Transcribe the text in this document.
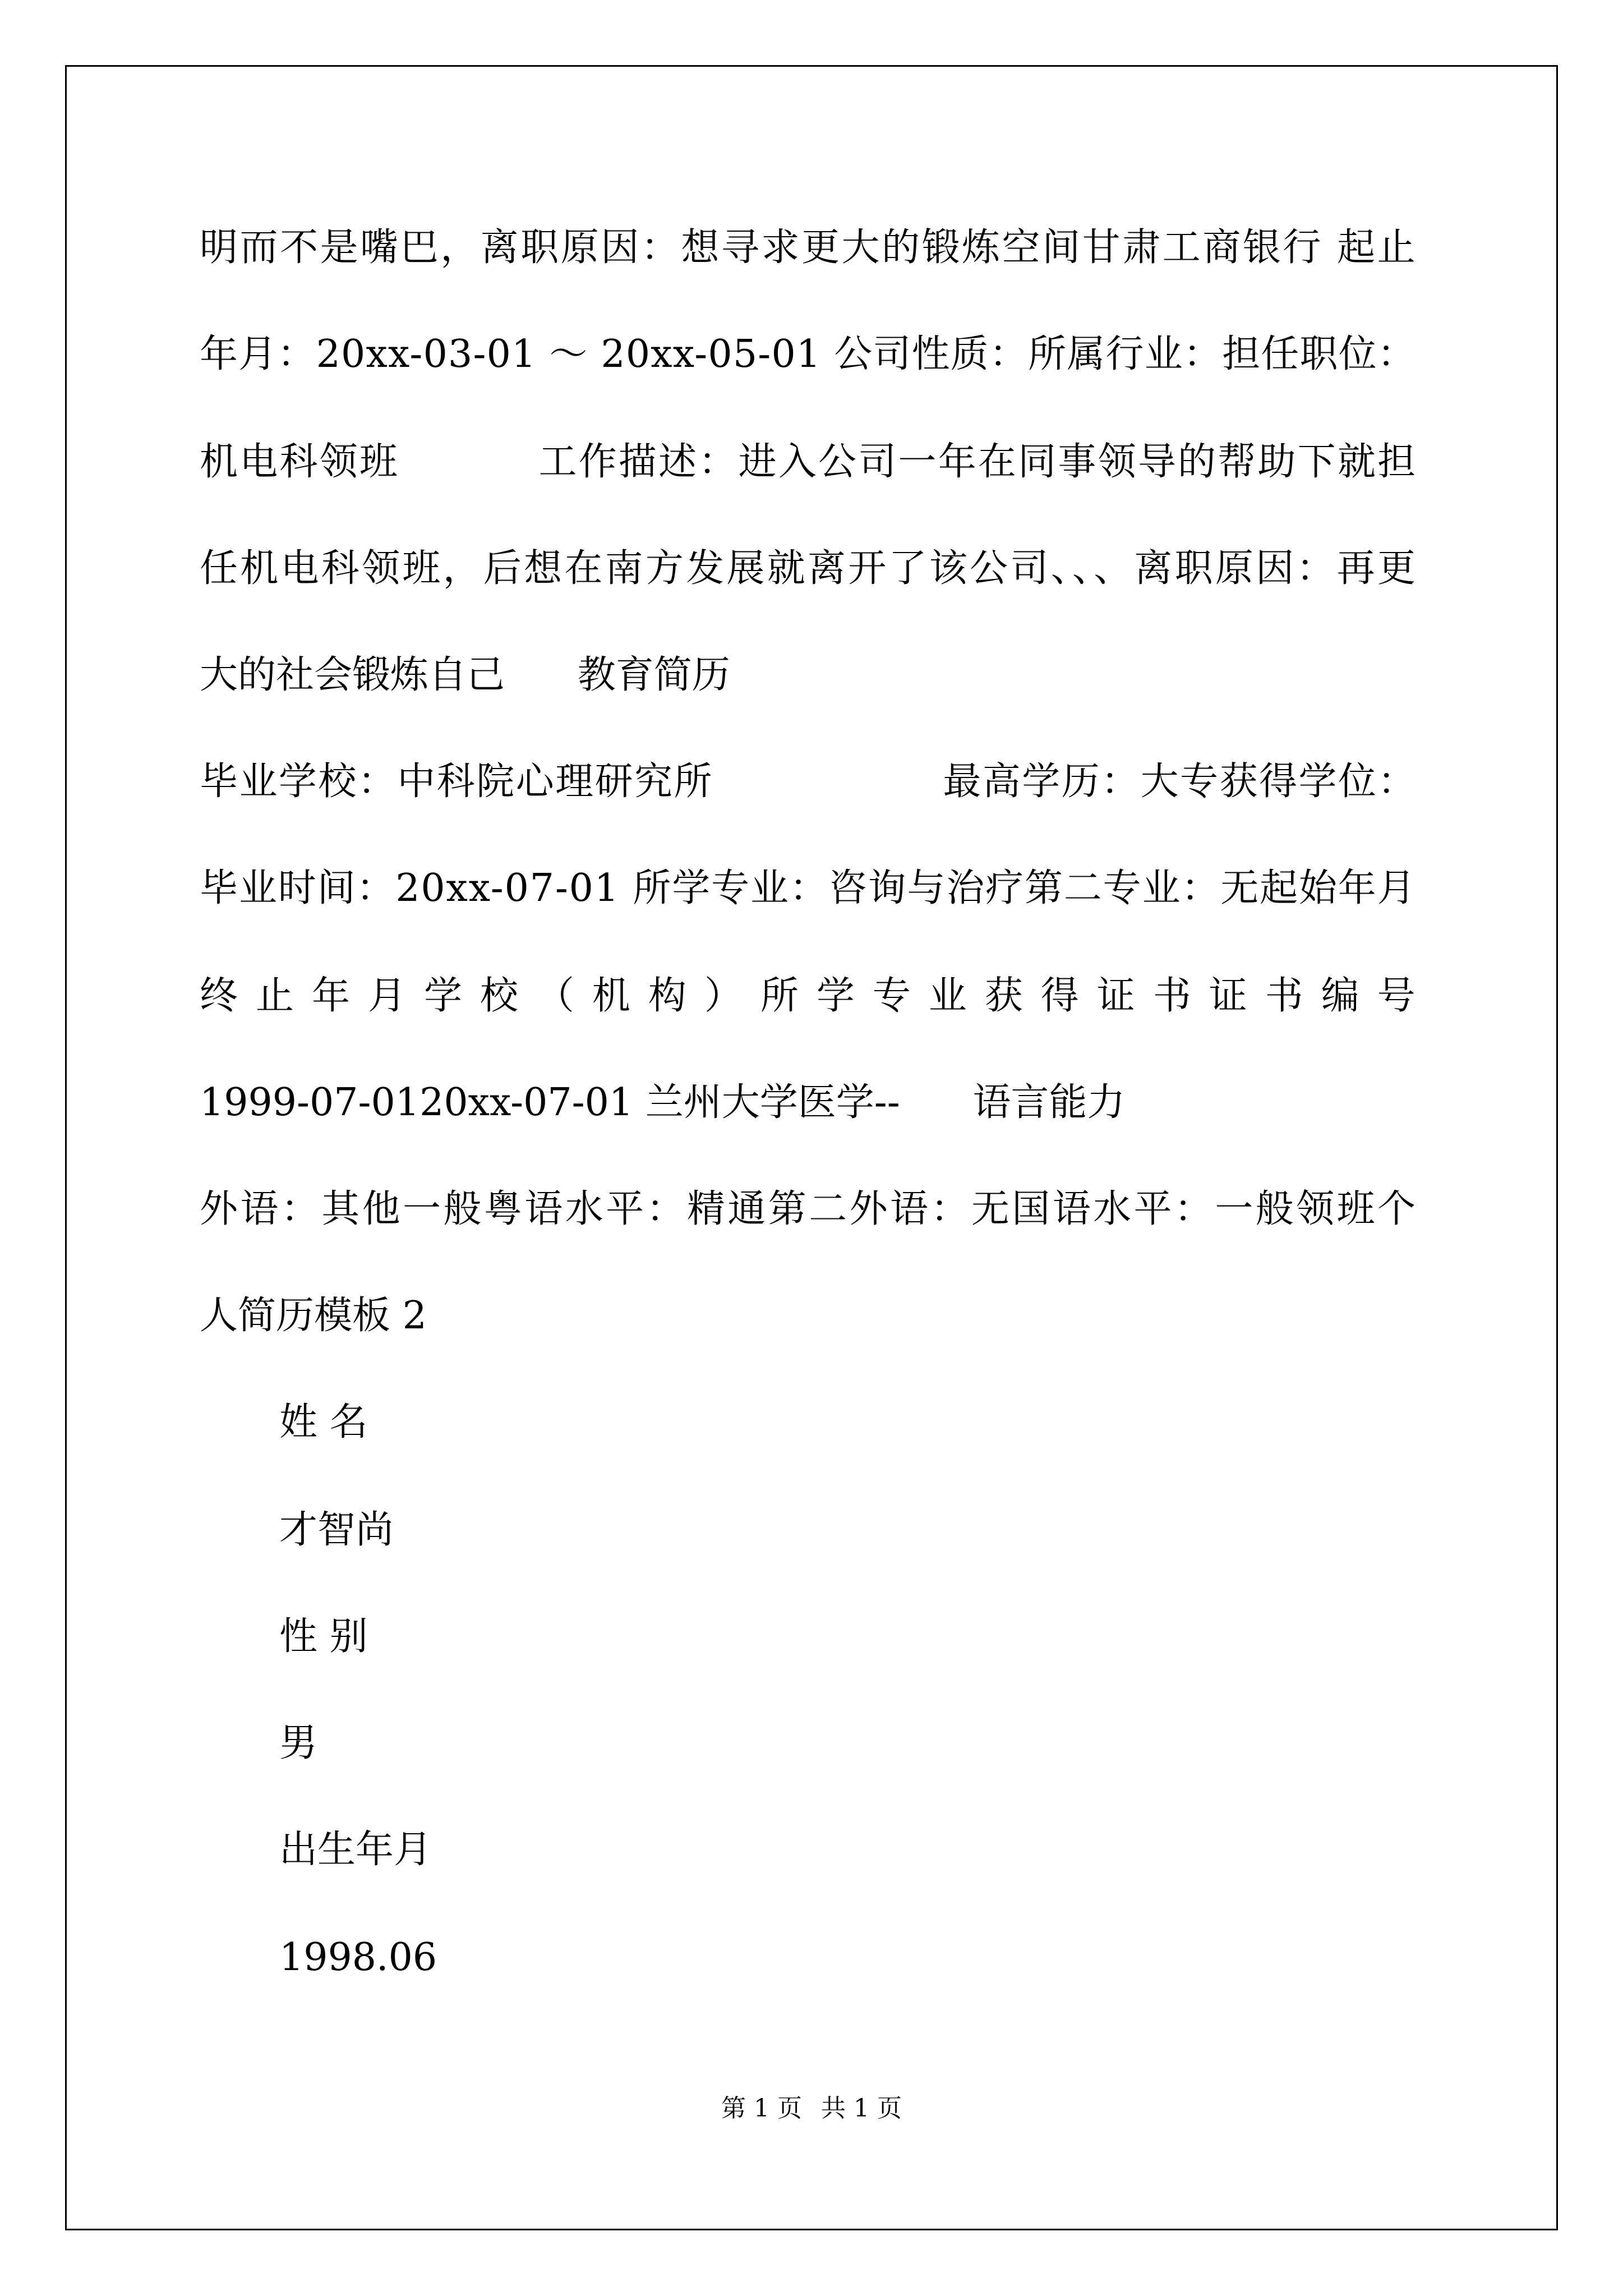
明而不是嘴巴，离职原因：想寻求更大的锻炼空间甘肃工商银行 起止
年月：20xx-03-01 ～ 20xx-05-01 公司性质：所属行业：担任职位：
机电科领班          工作描述：进入公司一年在同事领导的帮助下就担
任机电科领班，后想在南方发展就离开了该公司、、、离职原因：再更
大的社会锻炼自己      教育简历
毕业学校：中科院心理研究所                 最高学历：大专获得学位：
毕业时间：20xx-07-01 所学专业：咨询与治疗第二专业：无起始年月
终 止 年 月 学 校 （ 机 构 ） 所 学 专 业 获 得 证 书 证 书 编 号
1999-07-0120xx-07-01 兰州大学医学--      语言能力
外语：其他一般粤语水平：精通第二外语：无国语水平：一般领班个
人简历模板 2
姓 名
才智尚
性 别
男
出生年月
1998.06
第 1 页 共 1 页
